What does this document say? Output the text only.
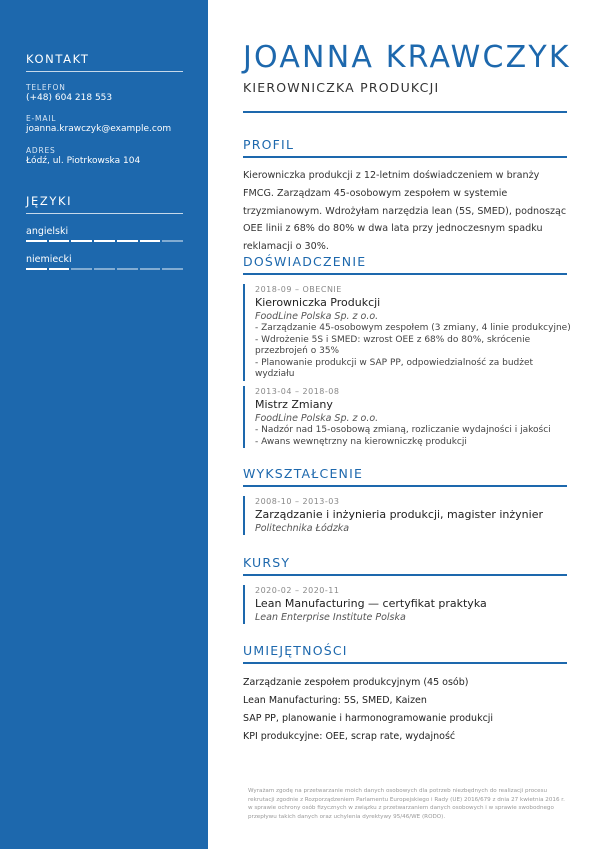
KONTAKT
TELEFON
(+48) 604 218 553
E-MAIL
joanna.krawczyk@example.com
ADRES
Łódź, ul. Piotrkowska 104
JĘZYKI
angielski
niemiecki
JOANNA KRAWCZYK
KIEROWNICZKA PRODUKCJI
PROFIL
Kierowniczka produkcji z 12-letnim doświadczeniem w branży FMCG. Zarządzam 45-osobowym zespołem w systemie trzyzmianowym. Wdrożyłam narzędzia lean (5S, SMED), podnosząc OEE linii z 68% do 80% w dwa lata przy jednoczesnym spadku reklamacji o 30%.
DOŚWIADCZENIE
2018-09 – OBECNIE
Kierowniczka Produkcji
FoodLine Polska Sp. z o.o.
- Zarządzanie 45-osobowym zespołem (3 zmiany, 4 linie produkcyjne)
- Wdrożenie 5S i SMED: wzrost OEE z 68% do 80%, skrócenie przezbrojeń o 35%
- Planowanie produkcji w SAP PP, odpowiedzialność za budżet wydziału
2013-04 – 2018-08
Mistrz Zmiany
FoodLine Polska Sp. z o.o.
- Nadzór nad 15-osobową zmianą, rozliczanie wydajności i jakości
- Awans wewnętrzny na kierowniczkę produkcji
WYKSZTAŁCENIE
2008-10 – 2013-03
Zarządzanie i inżynieria produkcji, magister inżynier
Politechnika Łódzka
KURSY
2020-02 – 2020-11
Lean Manufacturing — certyfikat praktyka
Lean Enterprise Institute Polska
UMIEJĘTNOŚCI
Zarządzanie zespołem produkcyjnym (45 osób)
Lean Manufacturing: 5S, SMED, Kaizen
SAP PP, planowanie i harmonogramowanie produkcji
KPI produkcyjne: OEE, scrap rate, wydajność
Wyrażam zgodę na przetwarzanie moich danych osobowych dla potrzeb niezbędnych do realizacji procesu rekrutacji zgodnie z Rozporządzeniem Parlamentu Europejskiego i Rady (UE) 2016/679 z dnia 27 kwietnia 2016 r. w sprawie ochrony osób fizycznych w związku z przetwarzaniem danych osobowych i w sprawie swobodnego przepływu takich danych oraz uchylenia dyrektywy 95/46/WE (RODO).
